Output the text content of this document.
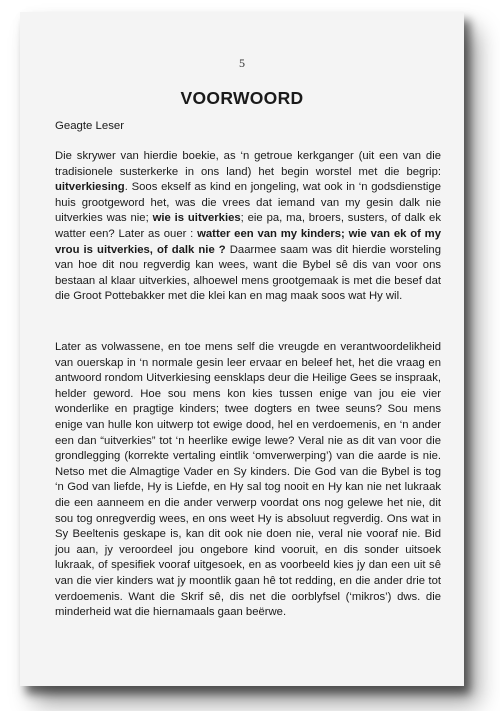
5
VOORWOORD
Geagte Leser
Die skrywer van hierdie boekie, as ‘n getroue kerkganger (uit een van die tradisionele susterkerke in ons land) het begin worstel met die begrip: uitverkiesing. Soos ekself as kind en jongeling, wat ook in ‘n godsdienstige huis grootgeword het, was die vrees dat iemand van my gesin dalk nie uitverkies was nie; wie is uitverkies; eie pa, ma, broers, susters, of dalk ek watter een? Later as ouer : watter een van my kinders; wie van ek of my vrou is uitverkies, of dalk nie ? Daarmee saam was dit hierdie worsteling van hoe dit nou regverdig kan wees, want die Bybel sê dis van voor ons bestaan al klaar uitverkies, alhoewel mens grootgemaak is met die besef dat die Groot Pottebakker met die klei kan en mag maak soos wat Hy wil.
Later as volwassene, en toe mens self die vreugde en verantwoordelikheid van ouerskap in ‘n normale gesin leer ervaar en beleef het, het die vraag en antwoord rondom Uitverkiesing eensklaps deur die Heilige Gees se inspraak, helder geword. Hoe sou mens kon kies tussen enige van jou eie vier wonderlike en pragtige kinders; twee dogters en twee seuns? Sou mens enige van hulle kon uitwerp tot ewige dood, hel en verdoemenis, en ‘n ander een dan “uitverkies” tot ‘n heerlike ewige lewe? Veral nie as dit van voor die grondlegging (korrekte vertaling eintlik ‘omverwerping’) van die aarde is nie. Netso met die Almagtige Vader en Sy kinders. Die God van die Bybel is tog ‘n God van liefde, Hy is Liefde, en Hy sal tog nooit en Hy kan nie net lukraak die een aanneem en die ander verwerp voordat ons nog gelewe het nie, dit sou tog onregverdig wees, en ons weet Hy is absoluut regverdig. Ons wat in Sy Beeltenis geskape is, kan dit ook nie doen nie, veral nie vooraf nie. Bid jou aan, jy veroordeel jou ongebore kind vooruit, en dis sonder uitsoek lukraak, of spesifiek vooraf uitgesoek, en as voorbeeld kies jy dan een uit sê van die vier kinders wat jy moontlik gaan hê tot redding, en die ander drie tot verdoemenis. Want die Skrif sê, dis net die oorblyfsel (‘mikros’) dws. die minderheid wat die hiernamaals gaan beërwe.
